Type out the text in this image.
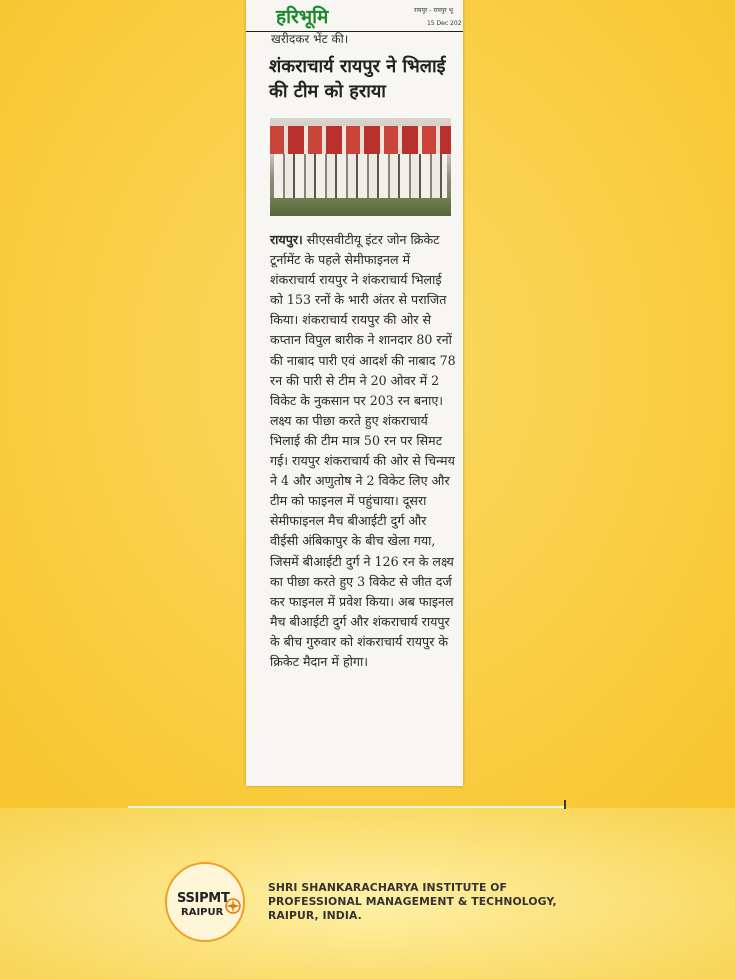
हरिभूमि	रायपुर - रायपुर भू
15 Dec 202
खरीदकर भेंट की।
शंकराचार्य रायपुर ने भिलाई की टीम को हराया
रायपुर। सीएसवीटीयू इंटर जोन क्रिकेट टूर्नामेंट के पहले सेमीफाइनल में शंकराचार्य रायपुर ने शंकराचार्य भिलाई को 153 रनों के भारी अंतर से पराजित किया। शंकराचार्य रायपुर की ओर से कप्तान विपुल बारीक ने शानदार 80 रनों की नाबाद पारी एवं आदर्श की नाबाद 78 रन की पारी से टीम ने 20 ओवर में 2 विकेट के नुकसान पर 203 रन बनाए। लक्ष्य का पीछा करते हुए शंकराचार्य भिलाई की टीम मात्र 50 रन पर सिमट गई। रायपुर शंकराचार्य की ओर से चिन्मय ने 4 और अणुतोष ने 2 विकेट लिए और टीम को फाइनल में पहुंचाया। दूसरा सेमीफाइनल मैच बीआईटी दुर्ग और वीईसी अंबिकापुर के बीच खेला गया, जिसमें बीआईटी दुर्ग ने 126 रन के लक्ष्य का पीछा करते हुए 3 विकेट से जीत दर्ज कर फाइनल में प्रवेश किया। अब फाइनल मैच बीआईटी दुर्ग और शंकराचार्य रायपुर के बीच गुरुवार को शंकराचार्य रायपुर के क्रिकेट मैदान में होगा।
SSIPMT
RAIPUR
SHRI SHANKARACHARYA INSTITUTE OF
PROFESSIONAL MANAGEMENT & TECHNOLOGY,
RAIPUR, INDIA.
